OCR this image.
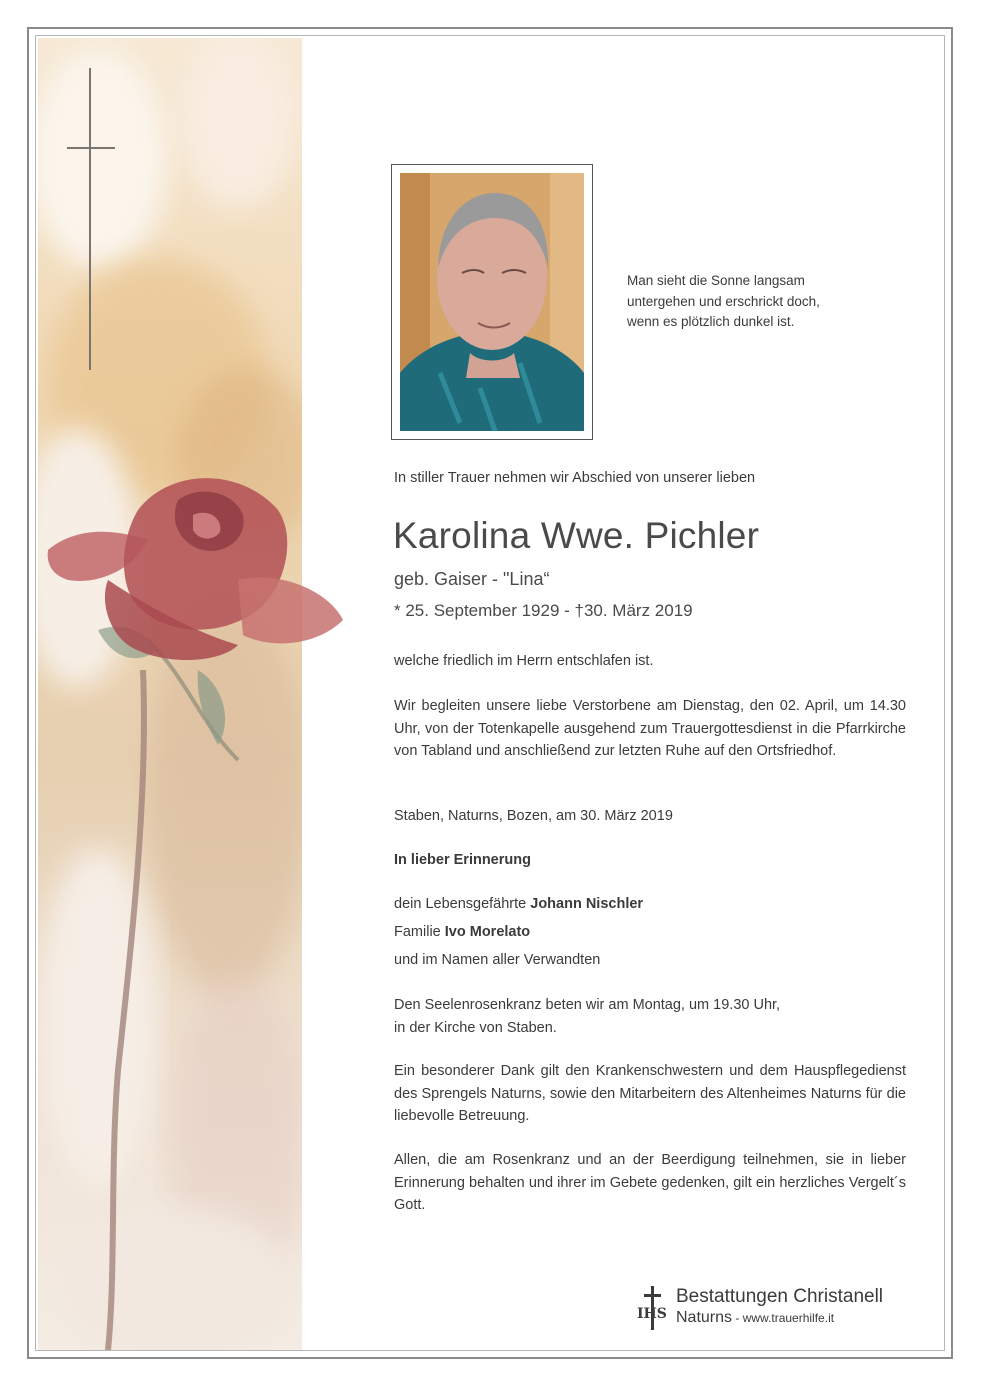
Man sieht die Sonne langsam
untergehen und erschrickt doch,
wenn es plötzlich dunkel ist.
In stiller Trauer nehmen wir Abschied von unserer lieben
Karolina Wwe. Pichler
geb. Gaiser - "Lina“
* 25. September 1929 - †30. März 2019
welche friedlich im Herrn entschlafen ist.
Wir begleiten unsere liebe Verstorbene am Dienstag, den 02. April, um 14.30 Uhr, von der Totenkapelle ausgehend zum Trauergottesdienst in die Pfarrkirche von Tabland und anschließend zur letzten Ruhe auf den Ortsfriedhof.
Staben, Naturns, Bozen, am 30. März 2019
In lieber Erinnerung
dein Lebensgefährte Johann Nischler
Familie Ivo Morelato
und im Namen aller Verwandten
Den Seelenrosenkranz beten wir am Montag, um 19.30 Uhr,
in der Kirche von Staben.
Ein besonderer Dank gilt den Krankenschwestern und dem Hauspflegedienst des Sprengels Naturns, sowie den Mitarbeitern des Altenheimes Naturns für die liebevolle Betreuung.
Allen, die am Rosenkranz und an der Beerdigung teilnehmen, sie in lieber Erinnerung behalten und ihrer im Gebete gedenken, gilt ein herzliches Vergelt´s Gott.
IHS
Bestattungen Christanell
Naturns - www.trauerhilfe.it
